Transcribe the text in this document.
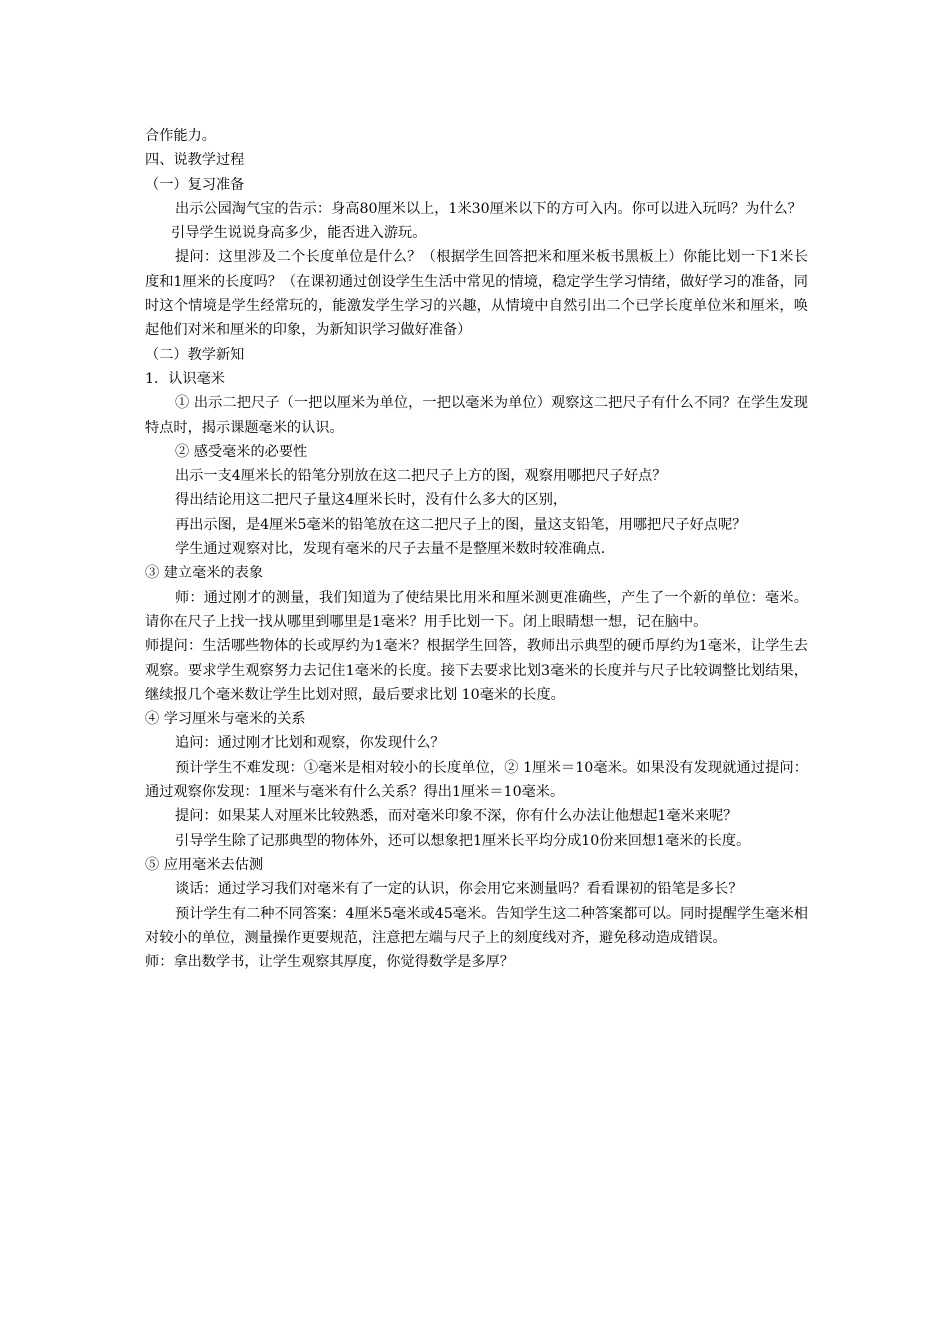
合作能力。

四、说教学过程

（一）复习准备

出示公园淘气宝的告示：身高80厘米以上，1米30厘米以下的方可入内。你可以进入玩吗？为什么？

引导学生说说身高多少，能否进入游玩。

提问：这里涉及二个长度单位是什么？（根据学生回答把米和厘米板书黑板上）你能比划一下1米长度和1厘米的长度吗？（在课初通过创设学生生活中常见的情境，稳定学生学习情绪，做好学习的准备，同时这个情境是学生经常玩的，能激发学生学习的兴趣，从情境中自然引出二个已学长度单位米和厘米，唤起他们对米和厘米的印象，为新知识学习做好准备）

（二）教学新知

1．认识毫米

① 出示二把尺子（一把以厘米为单位，一把以毫米为单位）观察这二把尺子有什么不同？在学生发现特点时，揭示课题毫米的认识。

② 感受毫米的必要性

出示一支4厘米长的铅笔分别放在这二把尺子上方的图，观察用哪把尺子好点？

得出结论用这二把尺子量这4厘米长时，没有什么多大的区别，

再出示图，是4厘米5毫米的铅笔放在这二把尺子上的图，量这支铅笔，用哪把尺子好点呢？

学生通过观察对比，发现有毫米的尺子去量不是整厘米数时较准确点.

③ 建立毫米的表象

师：通过刚才的测量，我们知道为了使结果比用米和厘米测更准确些，产生了一个新的单位：毫米。请你在尺子上找一找从哪里到哪里是1毫米？用手比划一下。闭上眼睛想一想，记在脑中。

师提问：生活哪些物体的长或厚约为1毫米？根据学生回答，教师出示典型的硬币厚约为1毫米，让学生去观察。要求学生观察努力去记住1毫米的长度。接下去要求比划3毫米的长度并与尺子比较调整比划结果，继续报几个毫米数让学生比划对照，最后要求比划 10毫米的长度。

④ 学习厘米与毫米的关系

追问：通过刚才比划和观察，你发现什么？

预计学生不难发现：①毫米是相对较小的长度单位，② 1厘米＝10毫米。如果没有发现就通过提问：通过观察你发现：1厘米与毫米有什么关系？得出1厘米＝10毫米。

提问：如果某人对厘米比较熟悉，而对毫米印象不深，你有什么办法让他想起1毫米来呢？

引导学生除了记那典型的物体外，还可以想象把1厘米长平均分成10份来回想1毫米的长度。

⑤ 应用毫米去估测

谈话：通过学习我们对毫米有了一定的认识，你会用它来测量吗？看看课初的铅笔是多长？

预计学生有二种不同答案：4厘米5毫米或45毫米。告知学生这二种答案都可以。同时提醒学生毫米相对较小的单位，测量操作更要规范，注意把左端与尺子上的刻度线对齐，避免移动造成错误。

师：拿出数学书，让学生观察其厚度，你觉得数学是多厚？
